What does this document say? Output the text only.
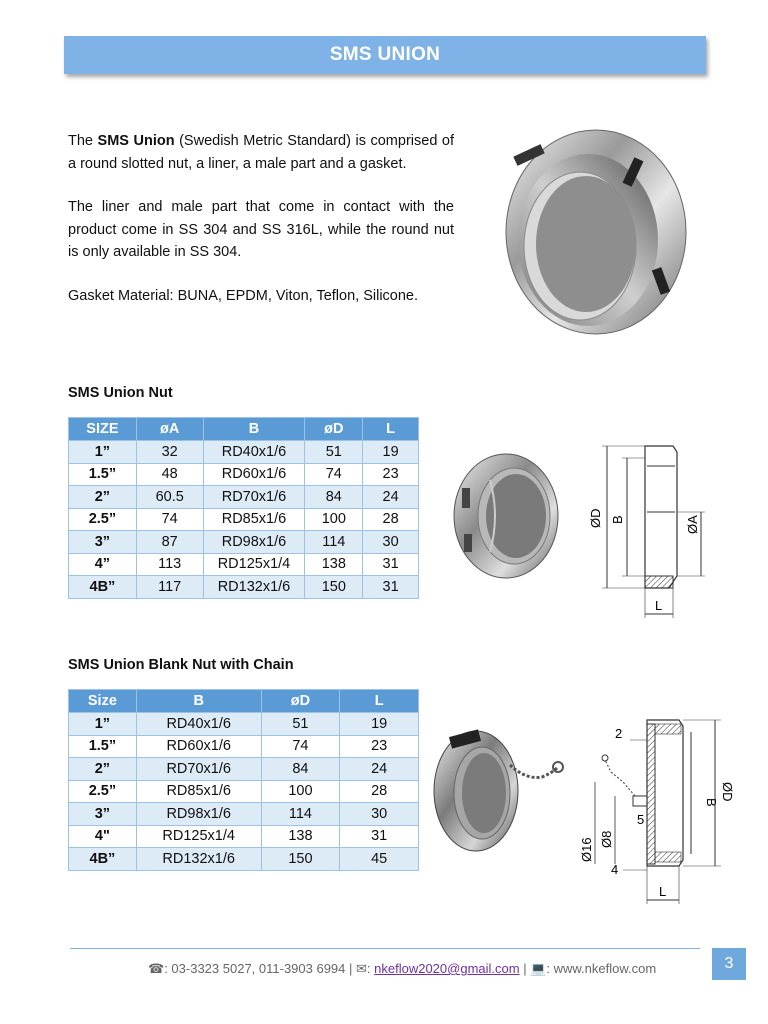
SMS UNION

The SMS Union (Swedish Metric Standard) is comprised of a round slotted nut, a liner, a male part and a gasket.

The liner and male part that come in contact with the product come in SS 304 and SS 316L, while the round nut is only available in SS 304.

Gasket Material: BUNA, EPDM, Viton, Teflon, Silicone.

SMS Union Nut
SIZE	øA	B	øD	L
1”	32	RD40x1/6	51	19
1.5”	48	RD60x1/6	74	23
2”	60.5	RD70x1/6	84	24
2.5”	74	RD85x1/6	100	28
3”	87	RD98x1/6	114	30
4”	113	RD125x1/4	138	31
4B”	117	RD132x1/6	150	31
ØD B	ØA
L
SMS Union Blank Nut with Chain
Size	B	øD	L
1”	RD40x1/6	51	19
1.5”	RD60x1/6	74	23
2”	RD70x1/6	84	24
2.5”	RD85x1/6	100	28
3”	RD98x1/6	114	30
4"	RD125x1/4	138	31
4B”	RD132x1/6	150	45
2
5
Ø16 Ø8
4
B
ØD
L
☎: 03-3323 5027, 011-3903 6994 | ✉: nkeflow2020@gmail.com | 💻: www.nkeflow.com	3
